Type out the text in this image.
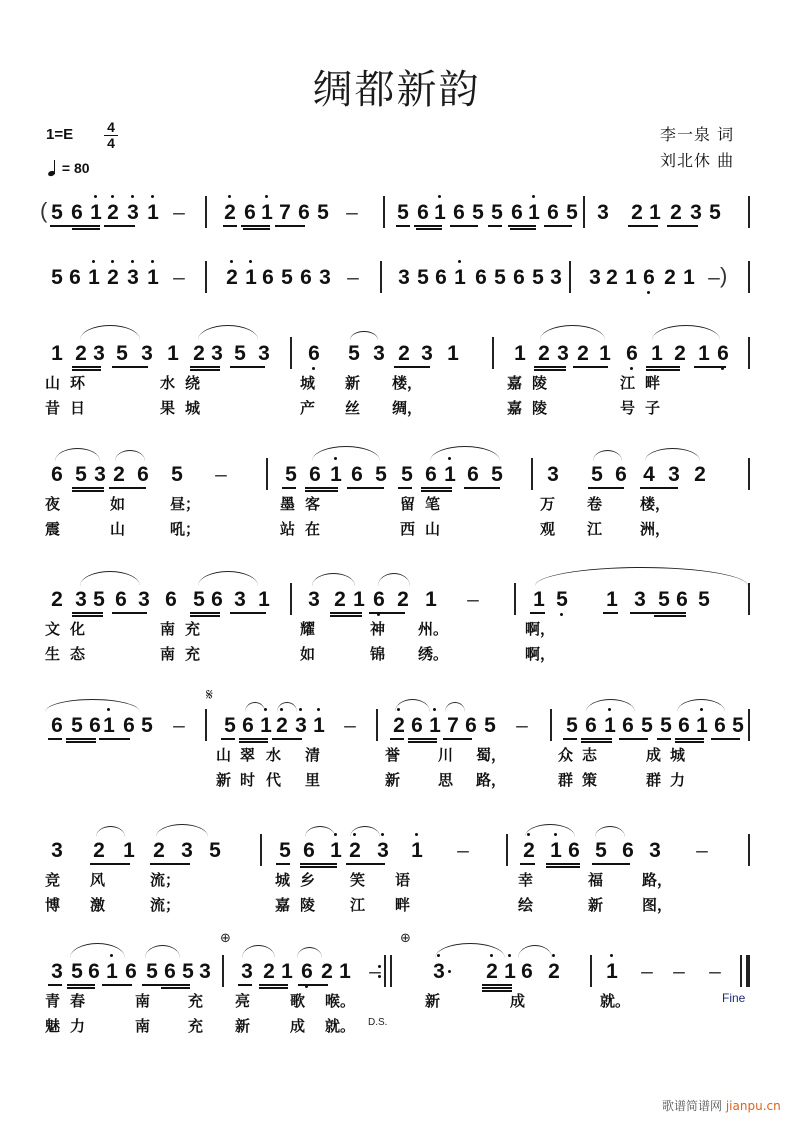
绸都新韵
1=E 4
4
= 80
李一泉 词
刘北休 曲
( 5 6 1 2 3 1 – 2 6 1 7 6 5 – 5 6 1 6 5 5 6 1 6 5 3 2 1 2 3 5
)
5 6 1 2 3 1 – 2 1 6 5 6 3 – 3 5 6 1 6 5 6 5 3 3 2 1 6 2 1 –
1 2 3 5 3 1 2 3 5 3 6 5 3 2 3 1	1 2 3 2 1 6 1 2 1 6
山 环	水 绕	城 新 楼，	嘉 陵	江 畔
昔 日	果 城	产 丝 绸，	嘉 陵	号 子
6 5 3 2 6 5 –	5 6 1 6 5 5 6 1 6 5 3 5 6 4 3 2
夜	如	昼；	墨 客	留 笔	万 卷	楼，
震	山	吼；	站 在	西 山	观 江	洲，
2 3 5 6 3 6 5 6 3 1 3 2 1 6 2 1 –	1 5 1 3 5 6 5
文 化	南 充	耀	神 州。	啊，
生 态	南 充	如	锦 绣。	啊，
𝄋
6 5 6 1 6 5 – 5 6 1 2 3 1 – 2 6 1 7 6 5 – 5 6 1 6 5 5 6 1 6 5
山 翠 水 清	誉	川 蜀，	众 志	成 城
新 时 代 里	新	思 路，	群 策	群 力
3 2 1 2 3 5	5 6 1 2 3 1 –	2 1 6 5 6 3 –
竞 风	流；	城 乡 笑 语	幸	福	路，
博 激	流；	嘉 陵 江 畔	绘	新	图，
⊕	⊕
3 5 6 1 6 5 6 5 3 3 2 1 6 2 1 – 3 2 1 6 2 1 – – –
青 春	南	充 亮	歌 喉。	新	成	就。
魅 力	南	充 新	成 就。 D.S.
Fine
歌谱简谱网 jianpu.cn
